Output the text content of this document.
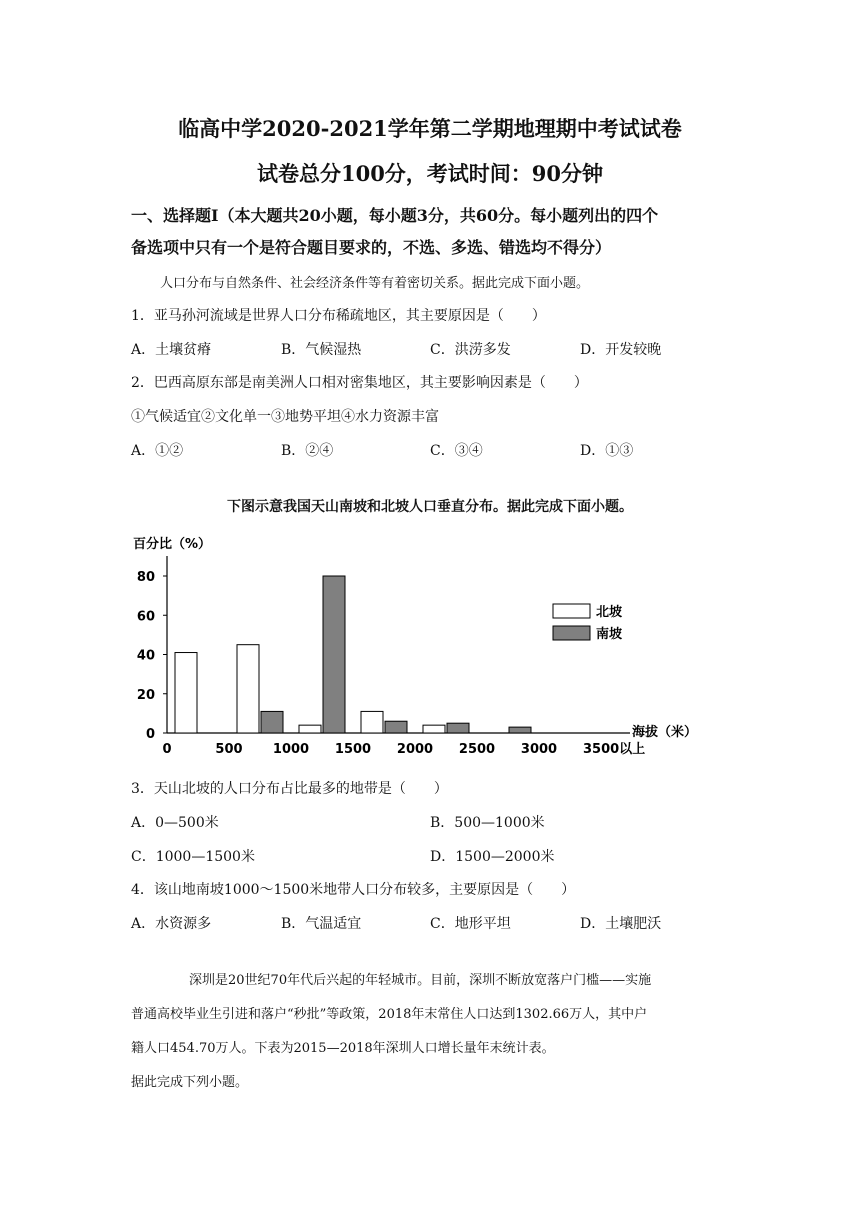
临高中学2020-2021学年第二学期地理期中考试试卷
试卷总分100分，考试时间：90分钟
一、选择题Ⅰ（本大题共20小题，每小题3分，共60分。每小题列出的四个
备选项中只有一个是符合题目要求的，不选、多选、错选均不得分）
人口分布与自然条件、社会经济条件等有着密切关系。据此完成下面小题。
1．亚马孙河流域是世界人口分布稀疏地区，其主要原因是（　　）
A．土壤贫瘠	B．气候湿热	C．洪涝多发	D．开发较晚
2．巴西高原东部是南美洲人口相对密集地区，其主要影响因素是（　　）
①气候适宜②文化单一③地势平坦④水力资源丰富
A．①②	B．②④	C．③④	D．①③
下图示意我国天山南坡和北坡人口垂直分布。据此完成下面小题。
百分比（%）
海拔（米）
北坡
南坡
0
20
40
60
80
0	500 1000 1500 2000 2500 3000 3500以上
3．天山北坡的人口分布占比最多的地带是（　　）
A．0—500米	B．500—1000米
C．1000—1500米	D．1500—2000米
4．该山地南坡1000～1500米地带人口分布较多，主要原因是（　　）
A．水资源多	B．气温适宜	C．地形平坦	D．土壤肥沃
深圳是20世纪70年代后兴起的年轻城市。目前，深圳不断放宽落户门槛——实施
普通高校毕业生引进和落户“秒批”等政策，2018年末常住人口达到1302.66万人，其中户
籍人口454.70万人。下表为2015—2018年深圳人口增长量年末统计表。
据此完成下列小题。
